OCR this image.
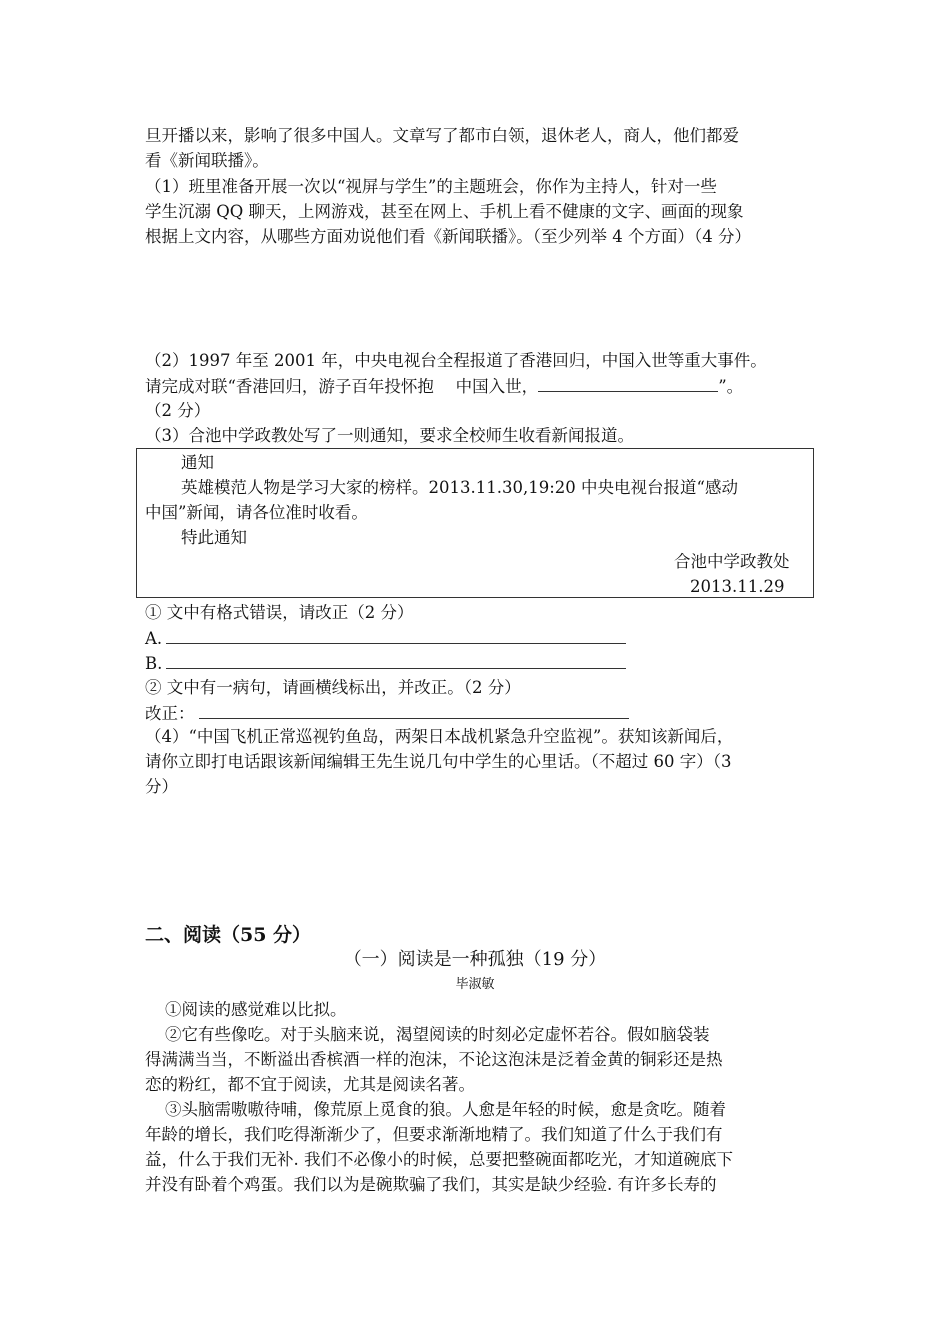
旦开播以来，影响了很多中国人。文章写了都市白领，退休老人，商人，他们都爱

看《新闻联播》。

（1）班里准备开展一次以“视屏与学生”的主题班会，你作为主持人，针对一些

学生沉溺 QQ 聊天，上网游戏，甚至在网上、手机上看不健康的文字、画面的现象

根据上文内容，从哪些方面劝说他们看《新闻联播》。（至少列举 4 个方面）（4 分）

（2）1997 年至 2001 年，中央电视台全程报道了香港回归，中国入世等重大事件。

请完成对联“香港回归，游子百年投怀抱　 中国入世，	”。

（2 分）

（3）合池中学政教处写了一则通知，要求全校师生收看新闻报道。

通知

英雄模范人物是学习大家的榜样。2013.11.30,19:20 中央电视台报道“感动

中国”新闻，请各位准时收看。

特此通知

合池中学政教处

2013.11.29

① 文中有格式错误，请改正（2 分）

A.

B.

② 文中有一病句，请画横线标出，并改正。（2 分）

改正：

（4）“中国飞机正常巡视钓鱼岛，两架日本战机紧急升空监视”。获知该新闻后，

请你立即打电话跟该新闻编辑王先生说几句中学生的心里话。（不超过 60 字）（3

分）

二、阅读（55 分）

（一）阅读是一种孤独（19 分）

毕淑敏

①阅读的感觉难以比拟。

②它有些像吃。对于头脑来说，渴望阅读的时刻必定虚怀若谷。假如脑袋装

得满满当当，不断溢出香槟酒一样的泡沫，不论这泡沫是泛着金黄的铜彩还是热

恋的粉红，都不宜于阅读，尤其是阅读名著。

③头脑需嗷嗷待哺，像荒原上觅食的狼。人愈是年轻的时候，愈是贪吃。随着

年龄的增长，我们吃得渐渐少了，但要求渐渐地精了。我们知道了什么于我们有

益，什么于我们无补. 我们不必像小的时候，总要把整碗面都吃光，才知道碗底下

并没有卧着个鸡蛋。我们以为是碗欺骗了我们，其实是缺少经验. 有许多长寿的
